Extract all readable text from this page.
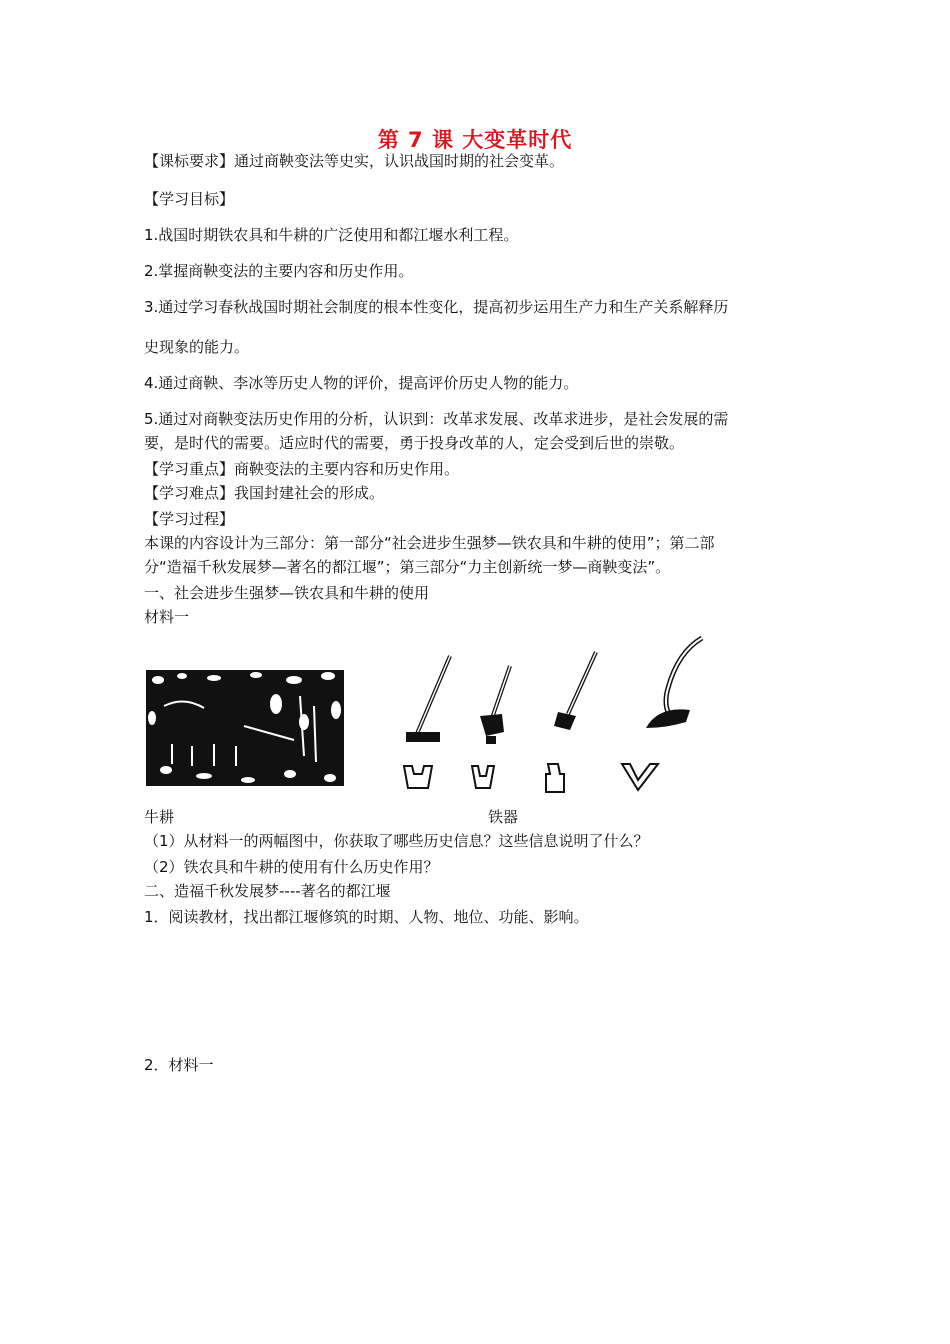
第 7 课 大变革时代
【课标要求】通过商鞅变法等史实，认识战国时期的社会变革。
【学习目标】
1.战国时期铁农具和牛耕的广泛使用和都江堰水利工程。
2.掌握商鞅变法的主要内容和历史作用。
3.通过学习春秋战国时期社会制度的根本性变化，提高初步运用生产力和生产关系解释历
史现象的能力。
4.通过商鞅、李冰等历史人物的评价，提高评价历史人物的能力。
5.通过对商鞅变法历史作用的分析，认识到：改革求发展、改革求进步，是社会发展的需
要，是时代的需要。适应时代的需要，勇于投身改革的人，定会受到后世的崇敬。
【学习重点】商鞅变法的主要内容和历史作用。
【学习难点】我国封建社会的形成。
【学习过程】
本课的内容设计为三部分：第一部分“社会进步生强梦—铁农具和牛耕的使用”；第二部
分“造福千秋发展梦—著名的都江堰”；第三部分“力主创新统一梦—商鞅变法”。
一、社会进步生强梦—铁农具和牛耕的使用
材料一
牛耕	铁器
（1）从材料一的两幅图中，你获取了哪些历史信息？这些信息说明了什么？
（2）铁农具和牛耕的使用有什么历史作用？
二、造福千秋发展梦----著名的都江堰
1．阅读教材，找出都江堰修筑的时期、人物、地位、功能、影响。
2．材料一
